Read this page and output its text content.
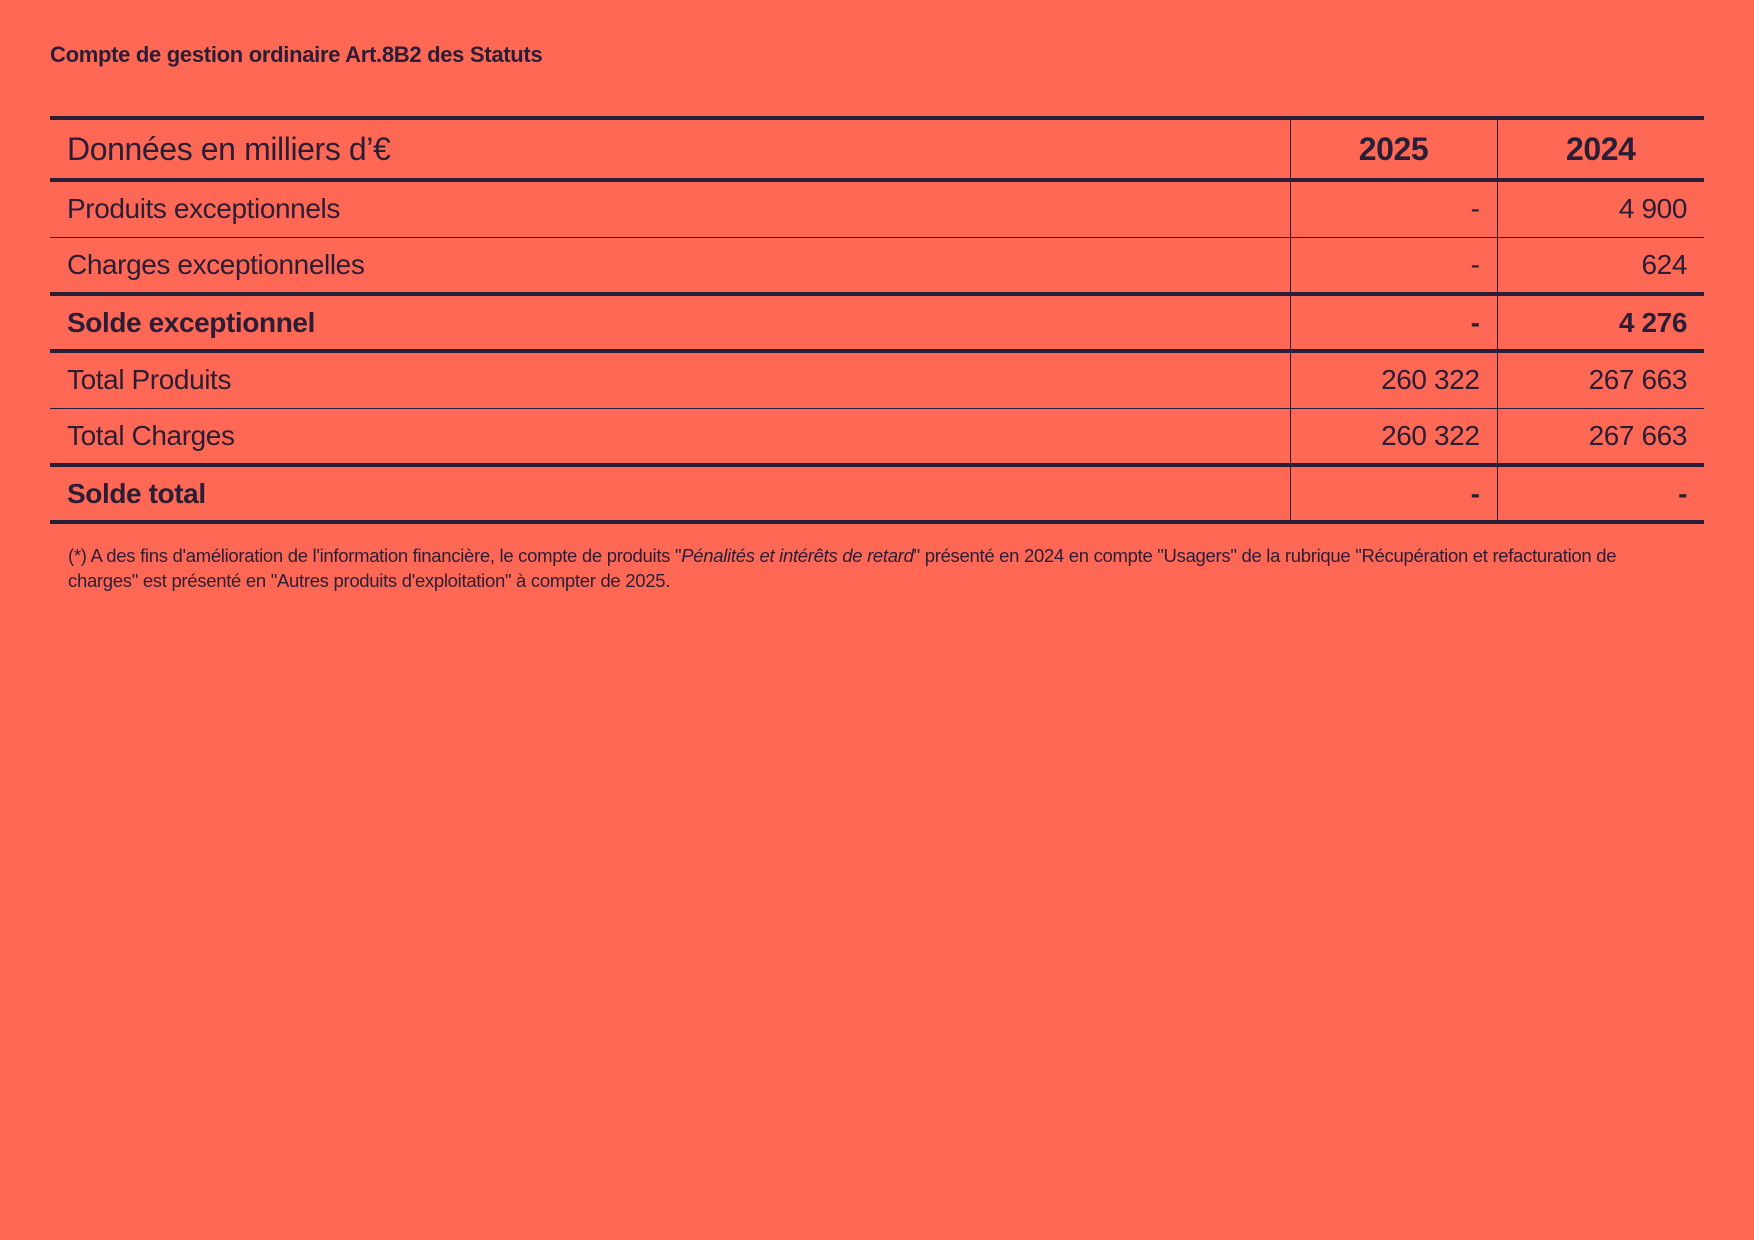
Compte de gestion ordinaire Art.8B2 des Statuts
Données en milliers d’€	2025	2024
Produits exceptionnels	-	4 900
Charges exceptionnelles	-	624
Solde exceptionnel	-	4 276
Total Produits	260 322	267 663
Total Charges	260 322	267 663
Solde total	-	-

(*) A des fins d'amélioration de l'information financière, le compte de produits "Pénalités et intérêts de retard" présenté en 2024 en compte "Usagers" de la rubrique "Récupération et refacturation de charges" est présenté en "Autres produits d'exploitation" à compter de 2025.
